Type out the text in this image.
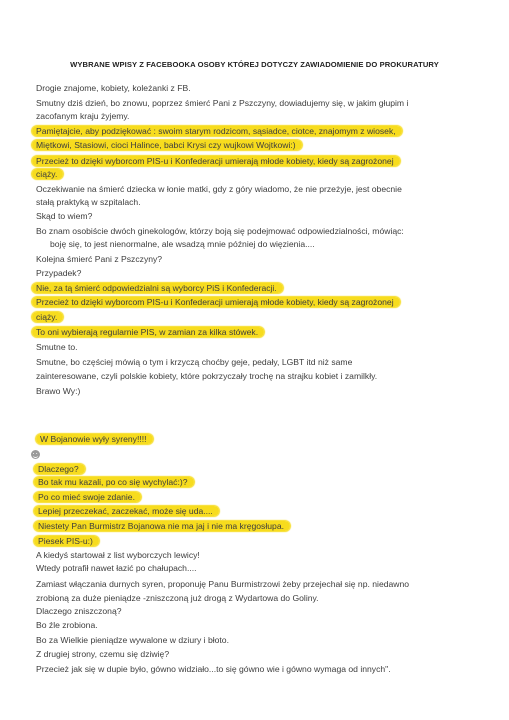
WYBRANE WPISY Z FACEBOOKA OSOBY KTÓREJ DOTYCZY ZAWIADOMIENIE DO PROKURATURY
Drogie znajome, kobiety, koleżanki z FB.
Smutny dziś dzień, bo znowu, poprzez śmierć Pani z Pszczyny, dowiadujemy się, w jakim głupim i
zacofanym kraju żyjemy.
Pamiętajcie, aby podziękować : swoim starym rodzicom, sąsiadce, ciotce, znajomym z wiosek,
Miętkowi, Stasiowi, cioci Halince, babci Krysi czy wujkowi Wojtkowi:)
Przecież to dzięki wyborcom PIS-u i Konfederacji umierają młode kobiety, kiedy są zagrożonej
ciąży.
Oczekiwanie na śmierć dziecka w łonie matki, gdy z góry wiadomo, że nie przeżyje, jest obecnie
stałą praktyką w szpitalach.
Skąd to wiem?
Bo znam osobiście dwóch ginekologów, którzy boją się podejmować odpowiedzialności, mówiąc:
boję się, to jest nienormalne, ale wsadzą mnie później do więzienia....
Kolejna śmierć Pani z Pszczyny?
Przypadek?
Nie, za tą śmierć odpowiedzialni są wyborcy PiS i Konfederacji.
Przecież to dzięki wyborcom PIS-u i Konfederacji umierają młode kobiety, kiedy są zagrożonej
ciąży.
To oni wybierają regularnie PIS, w zamian za kilka stówek.
Smutne to.
Smutne, bo częściej mówią o tym i krzyczą choćby geje, pedały, LGBT itd niż same
zainteresowane, czyli polskie kobiety, które pokrzyczały trochę na strajku kobiet i zamilkły.
Brawo Wy:)
W Bojanowie wyły syreny!!!!
Dlaczego?
Bo tak mu kazali, po co się wychylać:)?
Po co mieć swoje zdanie.
Lepiej przeczekać, zaczekać, może się uda....
Niestety Pan Burmistrz Bojanowa nie ma jaj i nie ma kręgosłupa.
Piesek PIS-u:)
A kiedyś startował z list wyborczych lewicy!
Wtedy potrafił nawet łazić po chałupach....
Zamiast włączania durnych syren, proponuję Panu Burmistrzowi żeby przejechał się np. niedawno
zrobioną za duże pieniądze -zniszczoną już drogą z Wydartowa do Goliny.
Dlaczego zniszczoną?
Bo źle zrobiona.
Bo za Wielkie pieniądze wywalone w dziury i błoto.
Z drugiej strony, czemu się dziwię?
Przecież jak się w dupie było, gówno widziało...to się gówno wie i gówno wymaga od innych".
